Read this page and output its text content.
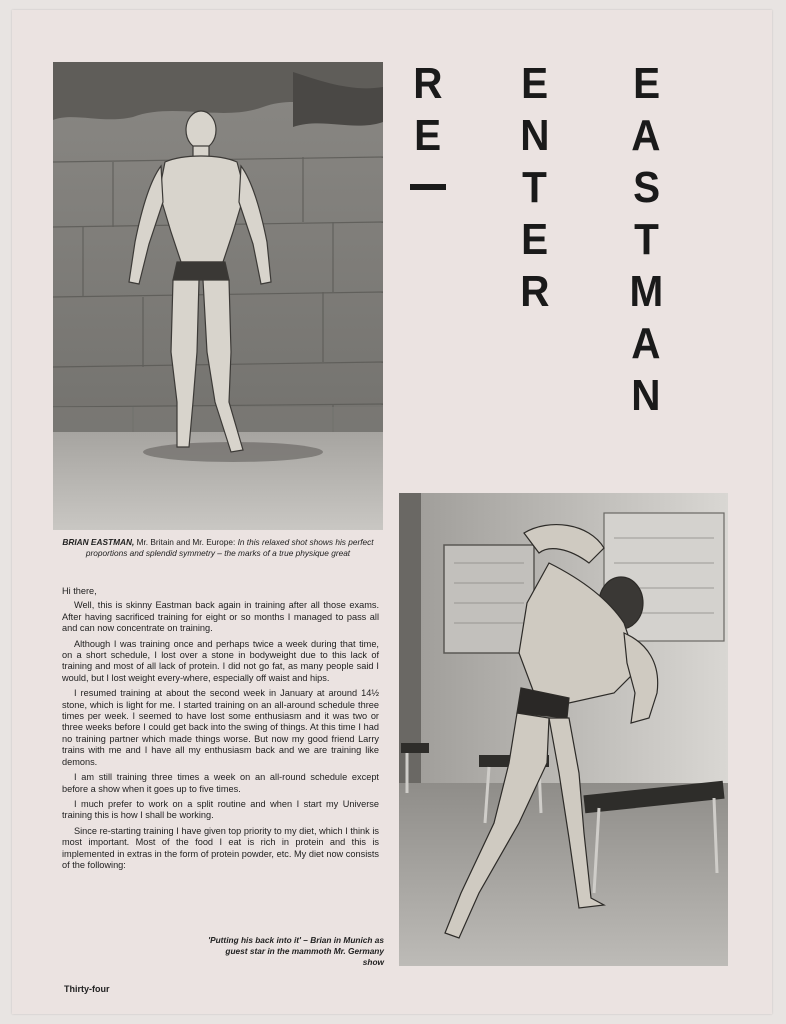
R
E
E
N
T
E
R
E
A
S
T
M
A
N
BRIAN EASTMAN, Mr. Britain and Mr. Europe: In this relaxed shot shows his perfect proportions and splendid symmetry – the marks of a true physique great

Hi there,

Well, this is skinny Eastman back again in training after all those exams. After having sacrificed training for eight or so months I managed to pass all and can now concentrate on training.

Although I was training once and perhaps twice a week during that time, on a short schedule, I lost over a stone in bodyweight due to this lack of training and most of all lack of protein. I did not go fat, as many people said I would, but I lost weight every-where, especially off waist and hips.

I resumed training at about the second week in January at around 14½ stone, which is light for me. I started training on an all-around schedule three times per week. I seemed to have lost some enthusiasm and it was two or three weeks before I could get back into the swing of things. At this time I had no training partner which made things worse. But now my good friend Larry trains with me and I have all my enthusiasm back and we are training like demons.

I am still training three times a week on an all-round schedule except before a show when it goes up to five times.

I much prefer to work on a split routine and when I start my Universe training this is how I shall be working.

Since re-starting training I have given top priority to my diet, which I think is most important. Most of the food I eat is rich in protein and this is implemented in extras in the form of protein powder, etc. My diet now consists of the following:

'Putting his back into it' – Brian in Munich as guest star in the mammoth Mr. Germany show
Thirty-four
